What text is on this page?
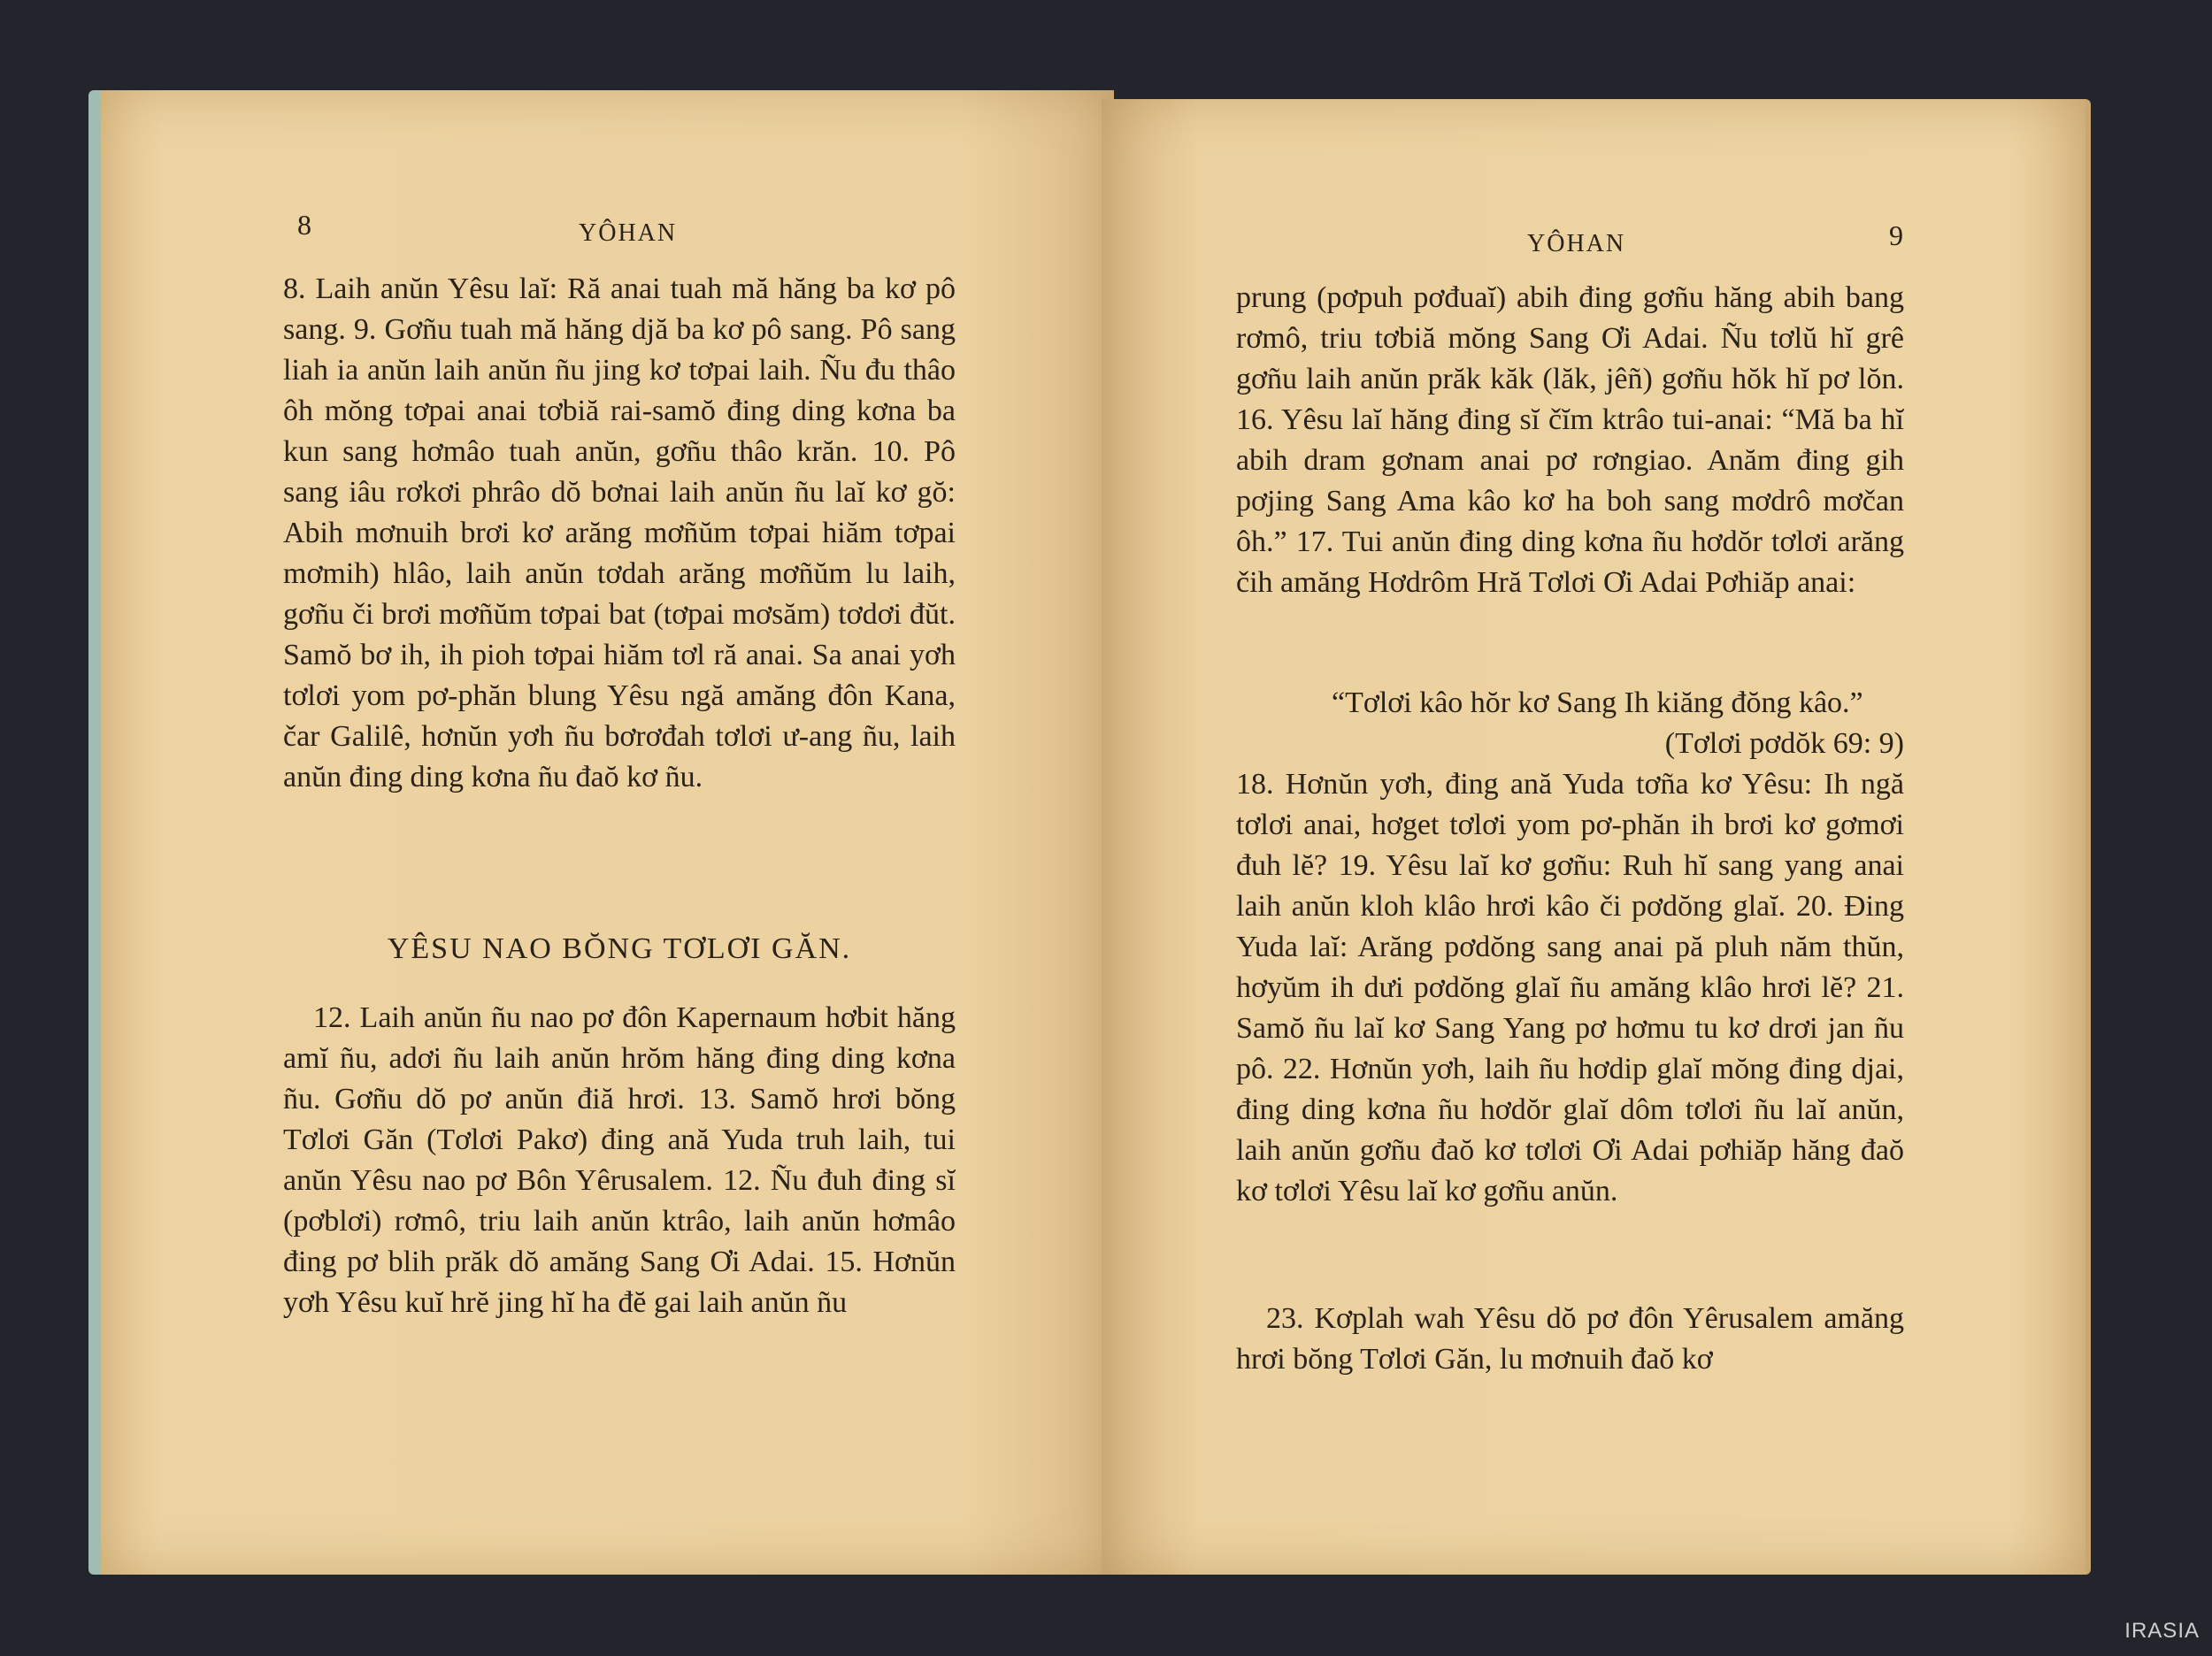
8	YÔHAN

8. Laih anŭn Yêsu laĭ: Ră anai tuah mă hăng ba kơ pô sang. 9. Gơñu tuah mă hăng djă ba kơ pô sang. Pô sang liah ia anŭn laih anŭn ñu jing kơ tơpai laih. Ñu đu thâo ôh mŏng tơpai anai tơbiă rai-samŏ đing ding kơna ba kun sang hơmâo tuah anŭn, gơñu thâo krăn. 10. Pô sang iâu rơkơi phrâo dŏ bơnai laih anŭn ñu laĭ kơ gŏ: Abih mơnuih brơi kơ arăng mơñŭm tơpai hiăm tơpai mơmih) hlâo, laih anŭn tơdah arăng mơñŭm lu laih, gơñu či brơi mơñŭm tơpai bat (tơpai mơsăm) tơdơi đŭt. Samŏ bơ ih, ih pioh tơpai hiăm tơl ră anai. Sa anai yơh tơlơi yom pơ-phăn blung Yêsu ngă amăng đôn Kana, čar Galilê, hơnŭn yơh ñu bơrơđah tơlơi ư-ang ñu, laih anŭn đing ding kơna ñu đaŏ kơ ñu.

YÊSU NAO BŎNG TƠLƠI GĂN.

12. Laih anŭn ñu nao pơ đôn Kapernaum hơbit hăng amĭ ñu, adơi ñu laih anŭn hrŏm hăng đing ding kơna ñu. Gơñu dŏ pơ anŭn điă hrơi. 13. Samŏ hrơi bŏng Tơlơi Găn (Tơlơi Pakơ) đing ană Yuda truh laih, tui anŭn Yêsu nao pơ Bôn Yêrusalem. 12. Ñu đuh đing sĭ (pơblơi) rơmô, triu laih anŭn ktrâo, laih anŭn hơmâo đing pơ blih prăk dŏ amăng Sang Ơi Adai. 15. Hơnŭn yơh Yêsu kuĭ hrĕ jing hĭ ha đĕ gai laih anŭn ñu

YÔHAN	9

prung (pơpuh pơđuaĭ) abih đing gơñu hăng abih bang rơmô, triu tơbiă mŏng Sang Ơi Adai. Ñu tơlŭ hĭ grê gơñu laih anŭn prăk kăk (lăk, jêñ) gơñu hŏk hĭ pơ lŏn. 16. Yêsu laĭ hăng đing sĭ čĭm ktrâo tui-anai: “Mă ba hĭ abih dram gơnam anai pơ rơngiao. Anăm đing gih pơjing Sang Ama kâo kơ ha boh sang mơdrô mơčan ôh.” 17. Tui anŭn đing ding kơna ñu hơdŏr tơlơi arăng čih amăng Hơdrôm Hră Tơlơi Ơi Adai Pơhiăp anai:

“Tơlơi kâo hŏr kơ Sang Ih kiăng đŏng kâo.”
(Tơlơi pơdŏk 69: 9)

18. Hơnŭn yơh, đing ană Yuda tơña kơ Yêsu: Ih ngă tơlơi anai, hơget tơlơi yom pơ-phăn ih brơi kơ gơmơi đuh lĕ? 19. Yêsu laĭ kơ gơñu: Ruh hĭ sang yang anai laih anŭn kloh klâo hrơi kâo či pơdŏng glaĭ. 20. Đing Yuda laĭ: Arăng pơdŏng sang anai pă pluh năm thŭn, hơyŭm ih dưi pơdŏng glaĭ ñu amăng klâo hrơi lĕ? 21. Samŏ ñu laĭ kơ Sang Yang pơ hơmu tu kơ drơi jan ñu pô. 22. Hơnŭn yơh, laih ñu hơdip glaĭ mŏng đing djai, đing ding kơna ñu hơdŏr glaĭ dôm tơlơi ñu laĭ anŭn, laih anŭn gơñu đaŏ kơ tơlơi Ơi Adai pơhiăp hăng đaŏ kơ tơlơi Yêsu laĭ kơ gơñu anŭn.

23. Kơplah wah Yêsu dŏ pơ đôn Yêrusalem amăng hrơi bŏng Tơlơi Găn, lu mơnuih đaŏ kơ

IRASIA
